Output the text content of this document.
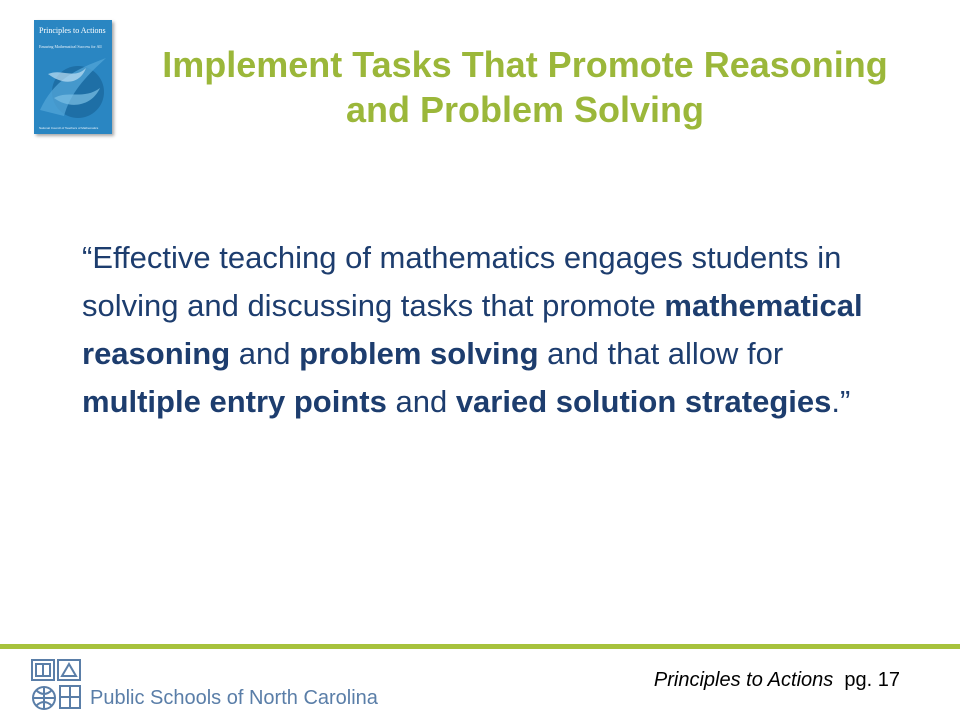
Principles to Actions
Ensuring Mathematical Success for All
National Council of Teachers of Mathematics
Implement Tasks That Promote Reasoning and Problem Solving

“Effective teaching of mathematics engages students in solving and discussing tasks that promote mathematical reasoning and problem solving and that allow for multiple entry points and varied solution strategies.”

Public Schools of North Carolina
Principles to Actions pg. 17
